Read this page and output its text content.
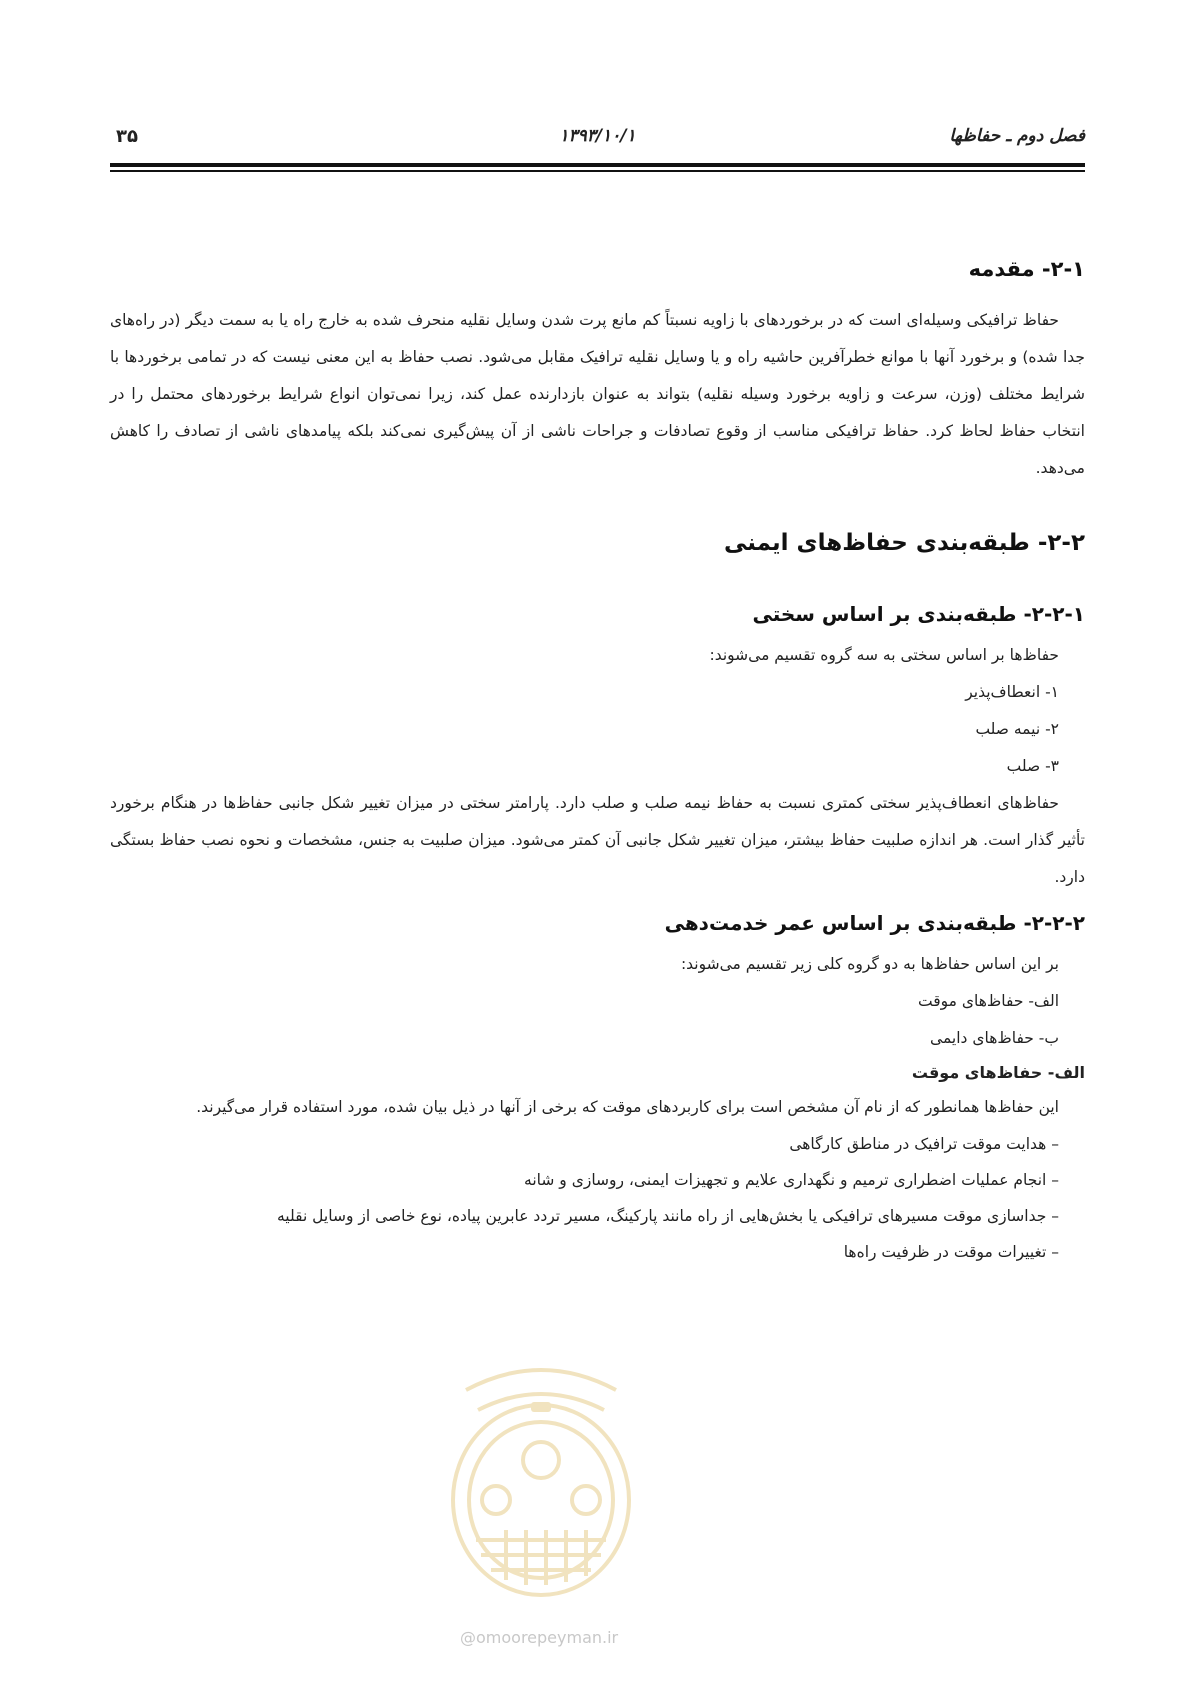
فصل دوم ـ حفاظها
۱۳۹۳/۱۰/۱
۳۵
۲-۱- مقدمه

حفاظ ترافیکی وسیله‌ای است که در برخوردهای با زاویه نسبتاً کم مانع پرت شدن وسایل نقلیه منحرف شده به خارج راه یا به سمت دیگر (در راه‌های جدا شده) و برخورد آنها با موانع خطرآفرین حاشیه راه و یا وسایل نقلیه ترافیک مقابل می‌شود. نصب حفاظ به این معنی نیست که در تمامی برخوردها با شرایط مختلف (وزن، سرعت و زاویه برخورد وسیله نقلیه) بتواند به عنوان بازدارنده عمل کند، زیرا نمی‌توان انواع شرایط برخوردهای محتمل را در انتخاب حفاظ لحاظ کرد. حفاظ ترافیکی مناسب از وقوع تصادفات و جراحات ناشی از آن پیش‌گیری نمی‌کند بلکه پیامدهای ناشی از تصادف را کاهش می‌دهد.

۲-۲- طبقه‌بندی حفاظ‌های ایمنی
۲-۲-۱- طبقه‌بندی بر اساس سختی

حفاظ‌ها بر اساس سختی به سه گروه تقسیم می‌شوند:

۱- انعطاف‌پذیر

۲- نیمه صلب

۳- صلب

حفاظ‌های انعطاف‌پذیر سختی کمتری نسبت به حفاظ نیمه صلب و صلب دارد. پارامتر سختی در میزان تغییر شکل جانبی حفاظ‌ها در هنگام برخورد تأثیر گذار است. هر اندازه صلبیت حفاظ بیشتر، میزان تغییر شکل جانبی آن کمتر می‌شود. میزان صلبیت به جنس، مشخصات و نحوه نصب حفاظ بستگی دارد.

۲-۲-۲- طبقه‌بندی بر اساس عمر خدمت‌دهی

بر این اساس حفاظ‌ها به دو گروه کلی زیر تقسیم می‌شوند:

الف- حفاظ‌های موقت

ب- حفاظ‌های دایمی

الف- حفاظ‌های موقت

این حفاظ‌ها همانطور که از نام آن مشخص است برای کاربردهای موقت که برخی از آنها در ذیل بیان شده، مورد استفاده قرار می‌گیرند.

– هدایت موقت ترافیک در مناطق کارگاهی

– انجام عملیات اضطراری ترمیم و نگهداری علایم و تجهیزات ایمنی، روسازی و شانه

– جداسازی موقت مسیرهای ترافیکی یا بخش‌هایی از راه مانند پارکینگ، مسیر تردد عابرین پیاده، نوع خاصی از وسایل نقلیه

– تغییرات موقت در ظرفیت راه‌ها

@omoorepeyman.ir
